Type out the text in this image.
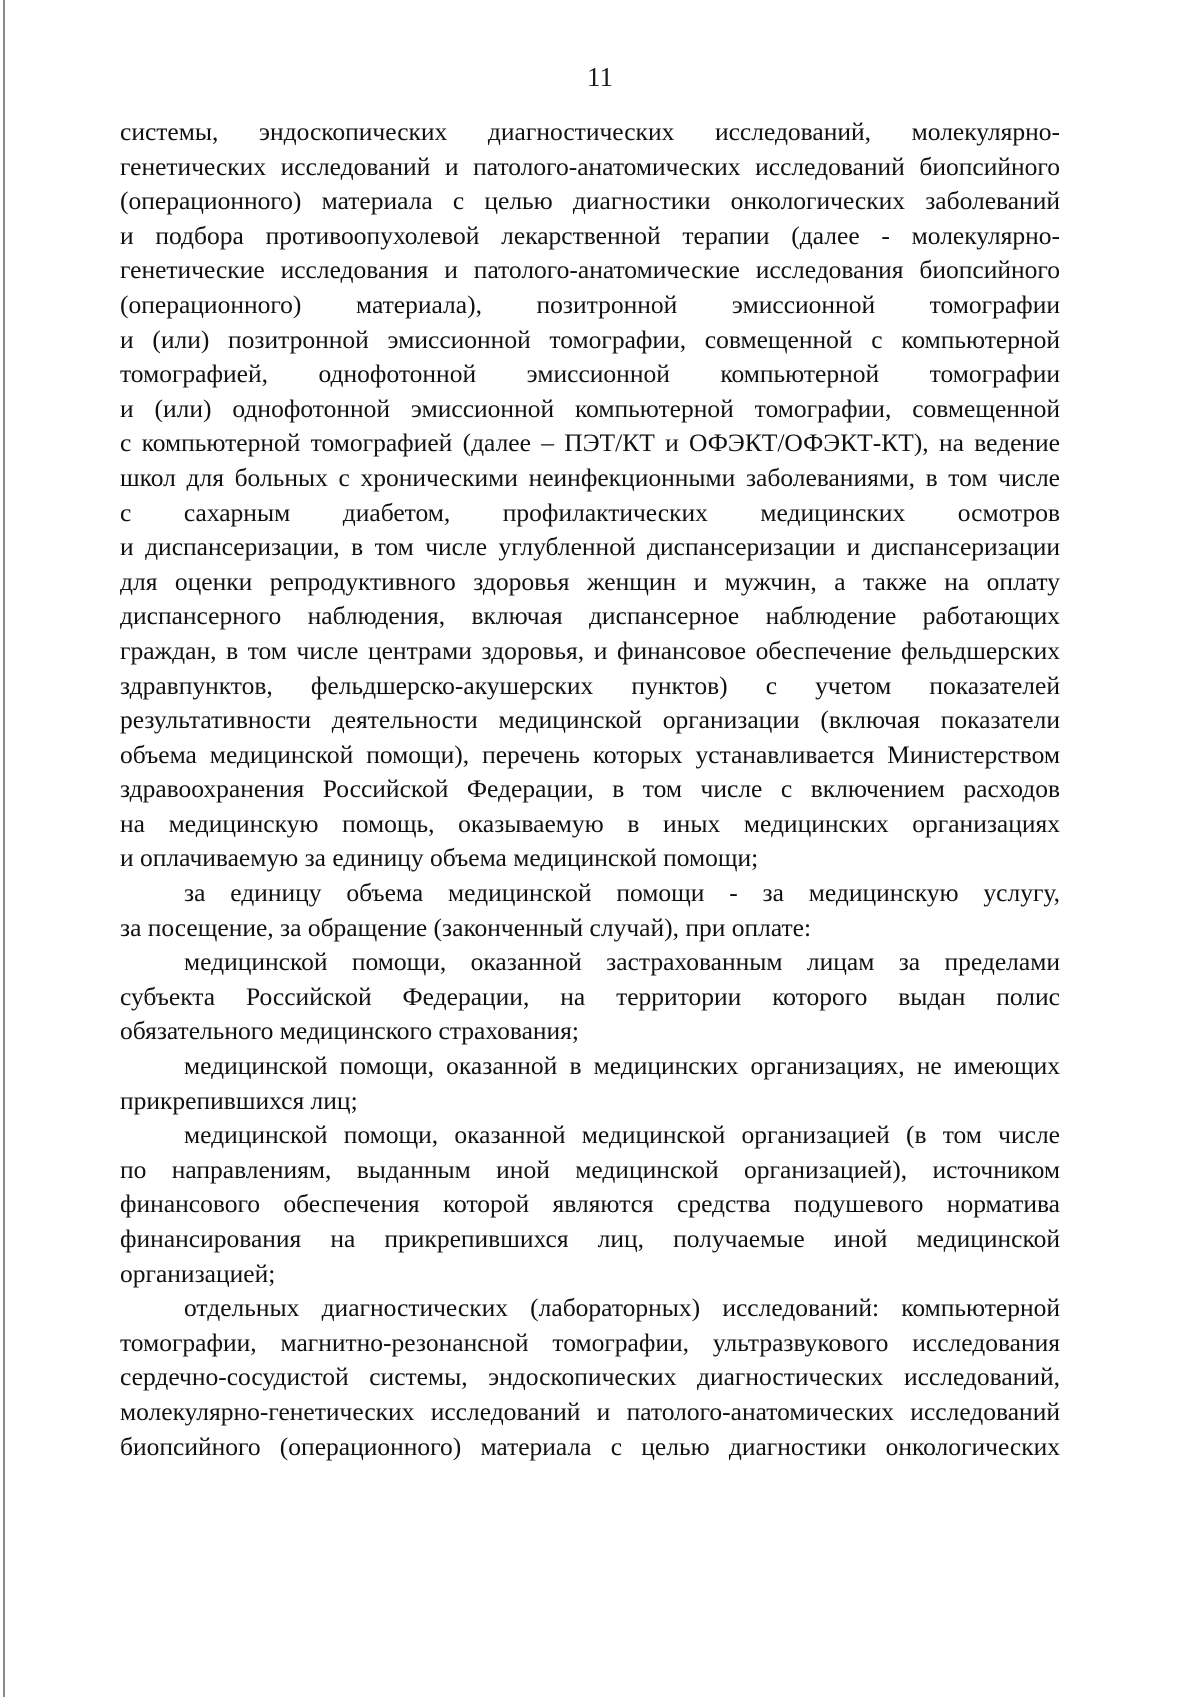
11
системы, эндоскопических диагностических исследований, молекулярно-
генетических исследований и патолого-анатомических исследований биопсийного
(операционного) материала с целью диагностики онкологических заболеваний
и подбора противоопухолевой лекарственной терапии (далее - молекулярно-
генетические исследования и патолого-анатомические исследования биопсийного
(операционного) материала), позитронной эмиссионной томографии
и (или) позитронной эмиссионной томографии, совмещенной с компьютерной
томографией, однофотонной эмиссионной компьютерной томографии
и (или) однофотонной эмиссионной компьютерной томографии, совмещенной
с компьютерной томографией (далее – ПЭТ/КТ и ОФЭКТ/ОФЭКТ-КТ), на ведение
школ для больных с хроническими неинфекционными заболеваниями, в том числе
с сахарным диабетом, профилактических медицинских осмотров
и диспансеризации, в том числе углубленной диспансеризации и диспансеризации
для оценки репродуктивного здоровья женщин и мужчин, а также на оплату
диспансерного наблюдения, включая диспансерное наблюдение работающих
граждан, в том числе центрами здоровья, и финансовое обеспечение фельдшерских
здравпунктов, фельдшерско-акушерских пунктов) с учетом показателей
результативности деятельности медицинской организации (включая показатели
объема медицинской помощи), перечень которых устанавливается Министерством
здравоохранения Российской Федерации, в том числе с включением расходов
на медицинскую помощь, оказываемую в иных медицинских организациях
и оплачиваемую за единицу объема медицинской помощи;
за единицу объема медицинской помощи - за медицинскую услугу,
за посещение, за обращение (законченный случай), при оплате:
медицинской помощи, оказанной застрахованным лицам за пределами
субъекта Российской Федерации, на территории которого выдан полис
обязательного медицинского страхования;
медицинской помощи, оказанной в медицинских организациях, не имеющих
прикрепившихся лиц;
медицинской помощи, оказанной медицинской организацией (в том числе
по направлениям, выданным иной медицинской организацией), источником
финансового обеспечения которой являются средства подушевого норматива
финансирования на прикрепившихся лиц, получаемые иной медицинской
организацией;
отдельных диагностических (лабораторных) исследований: компьютерной
томографии, магнитно-резонансной томографии, ультразвукового исследования
сердечно-сосудистой системы, эндоскопических диагностических исследований,
молекулярно-генетических исследований и патолого-анатомических исследований
биопсийного (операционного) материала с целью диагностики онкологических
